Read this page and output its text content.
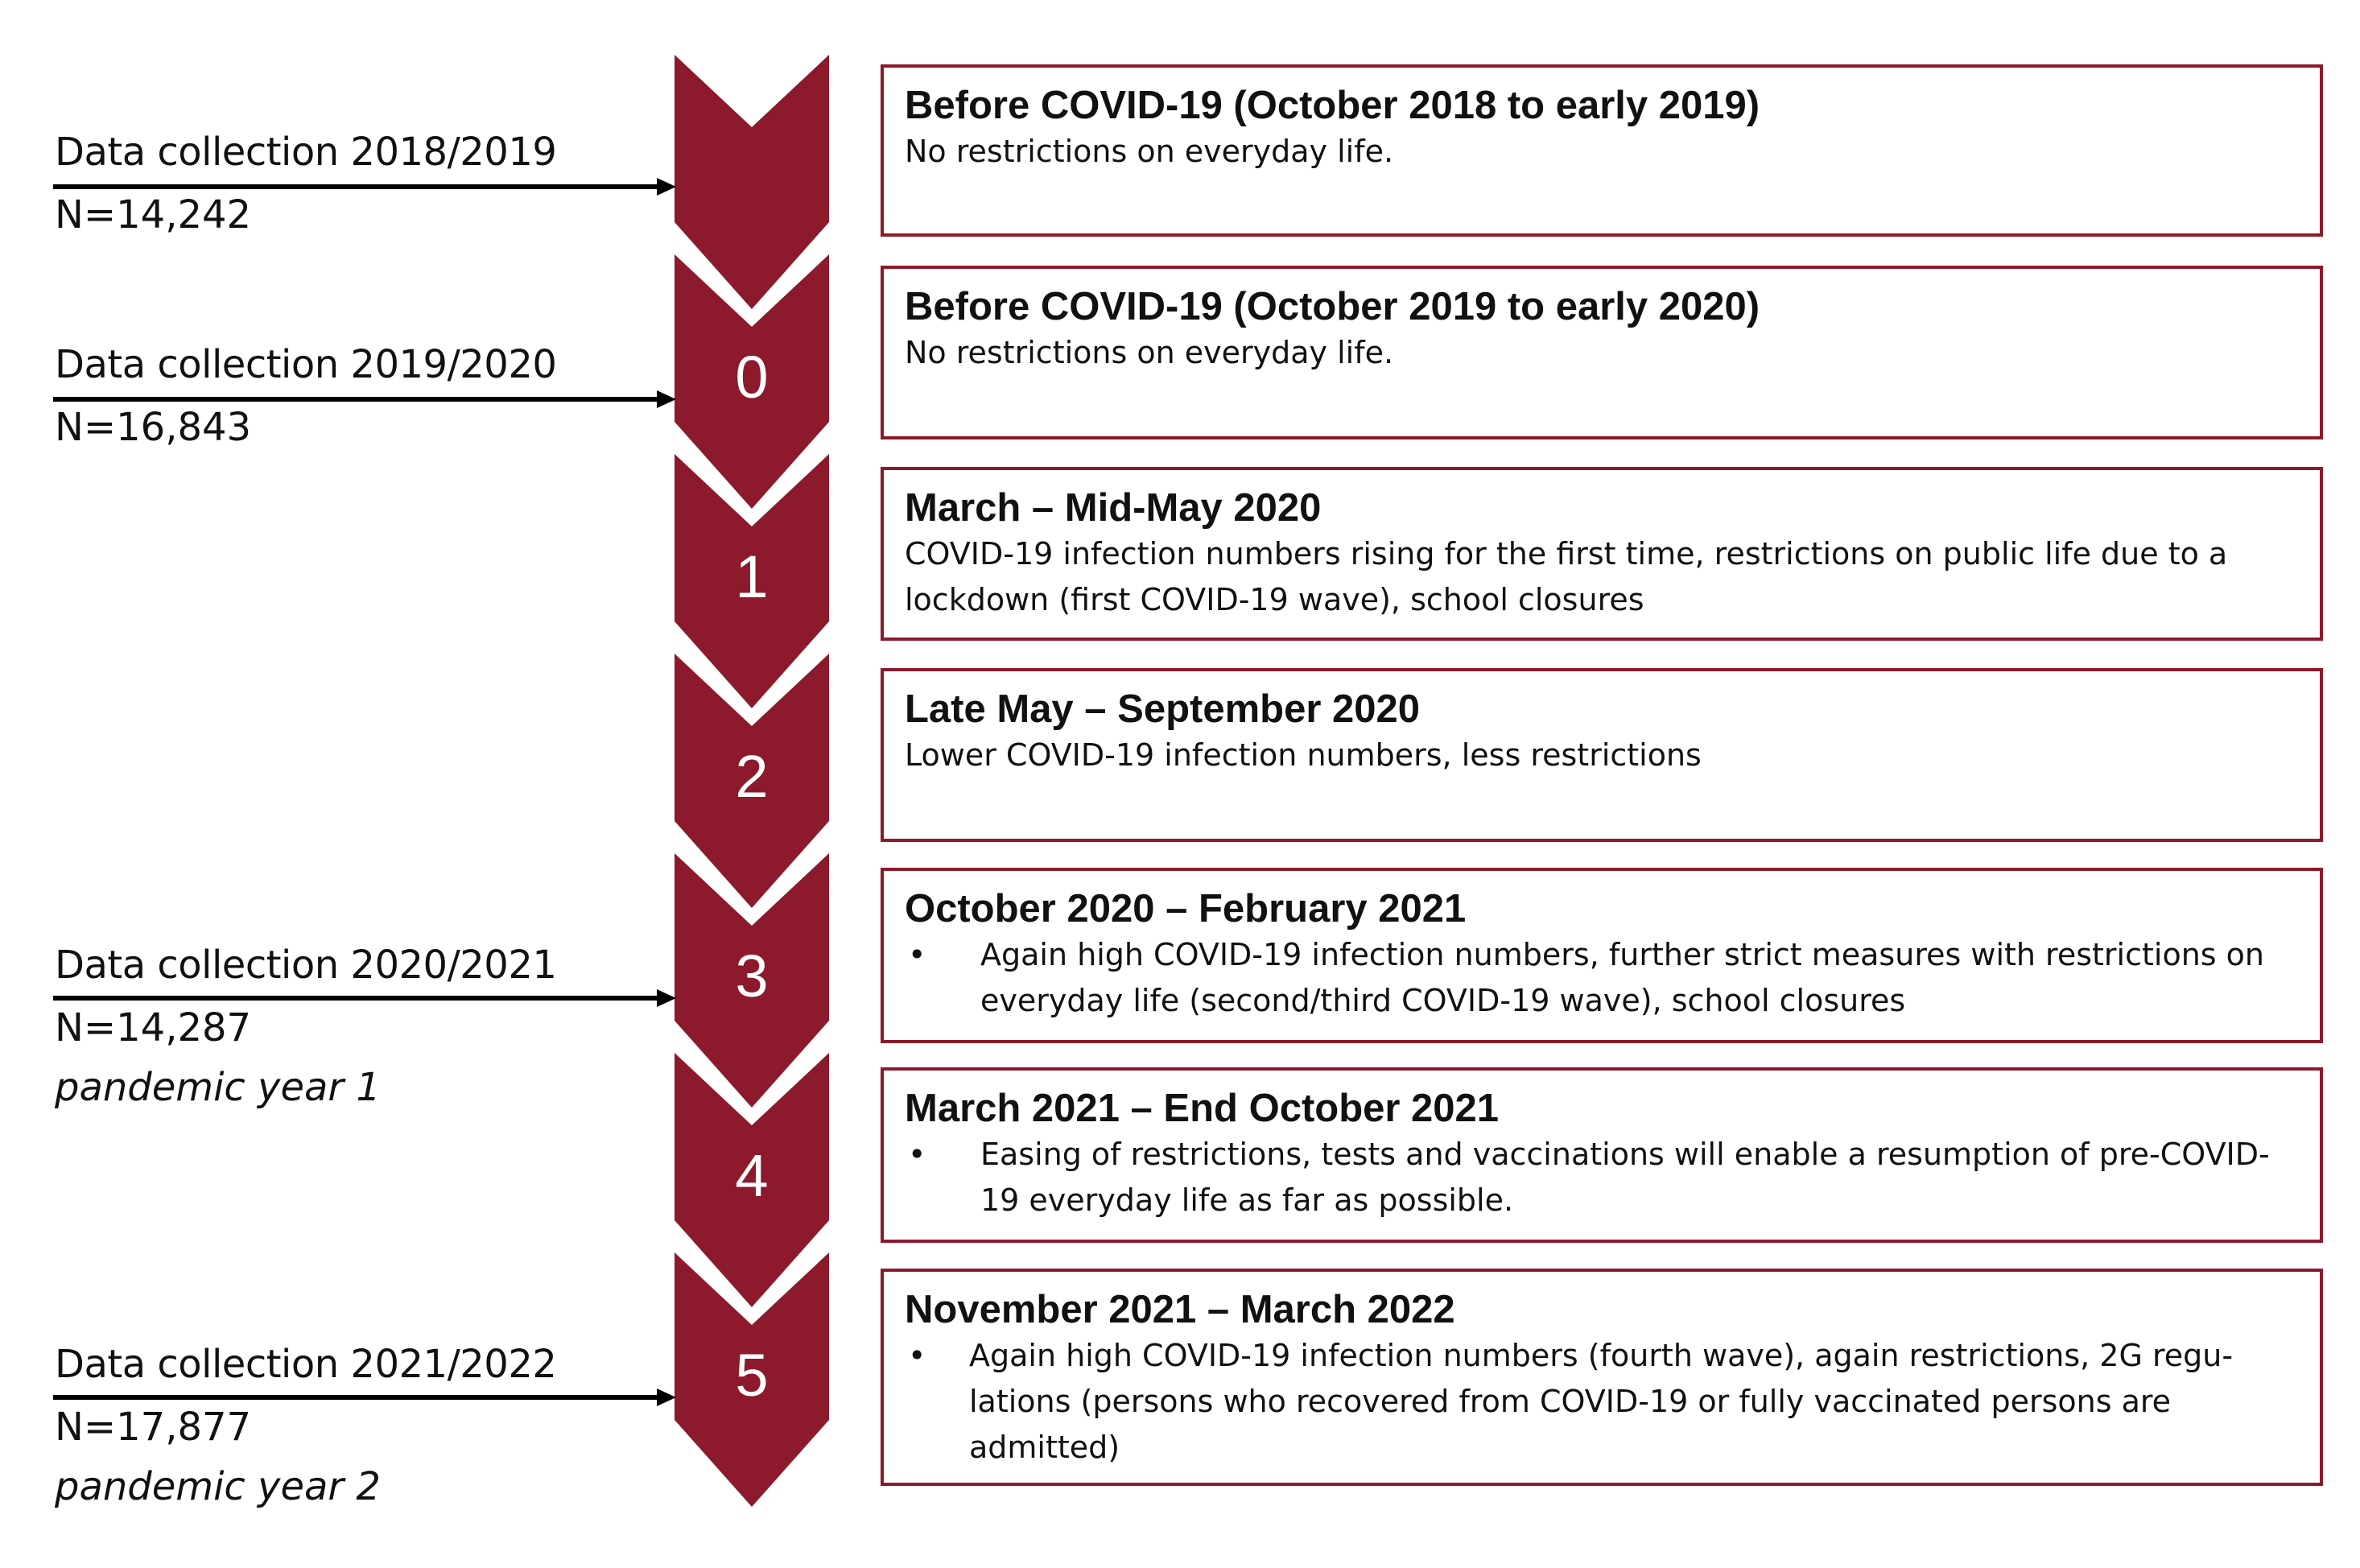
0
1
2
3
4
5

Data collection 2018/2019

N=14,242

Data collection 2019/2020

N=16,843

Data collection 2020/2021

N=14,287

pandemic year 1

Data collection 2021/2022

N=17,877

pandemic year 2

Before COVID-19 (October 2018 to early 2019)

No restrictions on everyday life.

Before COVID-19 (October 2019 to early 2020)

No restrictions on everyday life.

March – Mid-May 2020

COVID-19 infection numbers rising for the first time, restrictions on public life due to a lockdown (first COVID-19 wave), school closures

Late May – September 2020

Lower COVID-19 infection numbers, less restrictions

October 2020 – February 2021

•	Again high COVID-19 infection numbers, further strict measures with restrictions on everyday life (second/third COVID-19 wave), school closures

March 2021 – End October 2021

•	Easing of restrictions, tests and vaccinations will enable a resumption of pre-COVID-19 everyday life as far as possible.

November 2021 – March 2022

•	Again high COVID-19 infection numbers (fourth wave), again restrictions, 2G regu-lations (persons who recovered from COVID-19 or fully vaccinated persons are admitted)
